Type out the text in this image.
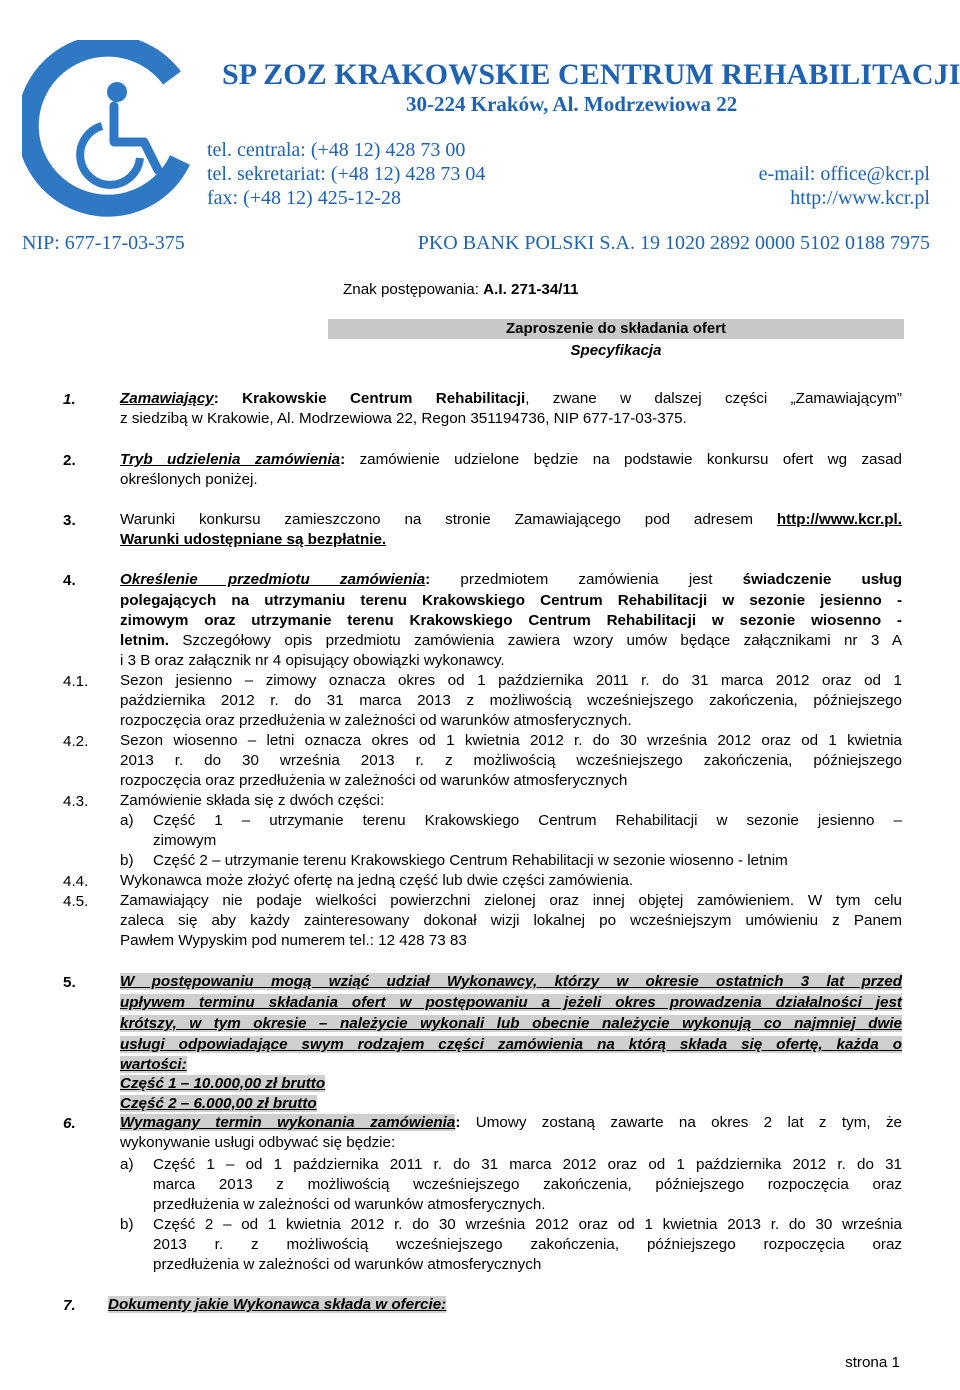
SP ZOZ KRAKOWSKIE CENTRUM REHABILITACJI
30-224 Kraków, Al. Modrzewiowa 22
tel. centrala: (+48 12) 428 73 00
tel. sekretariat: (+48 12) 428 73 04
fax: (+48 12) 425-12-28
e-mail: office@kcr.pl
http://www.kcr.pl
NIP: 677-17-03-375	PKO BANK POLSKI S.A. 19 1020 2892 0000 5102 0188 7975
Znak postępowania: A.I. 271-34/11
Zaproszenie do składania ofert
Specyfikacja
1.	Zamawiający: Krakowskie Centrum Rehabilitacji, zwane w dalszej części „Zamawiającym”
z siedzibą w Krakowie, Al. Modrzewiowa 22, Regon 351194736, NIP 677-17-03-375.
2.	Tryb udzielenia zamówienia: zamówienie udzielone będzie na podstawie konkursu ofert wg zasad
określonych poniżej.
3.	Warunki konkursu zamieszczono na stronie Zamawiającego pod adresem http://www.kcr.pl.
Warunki udostępniane są bezpłatnie.
4.	Określenie przedmiotu zamówienia: przedmiotem zamówienia jest świadczenie usług
polegających na utrzymaniu terenu Krakowskiego Centrum Rehabilitacji w sezonie jesienno -
zimowym oraz utrzymanie terenu Krakowskiego Centrum Rehabilitacji w sezonie wiosenno -
letnim. Szczegółowy opis przedmiotu zamówienia zawiera wzory umów będące załącznikami nr 3 A
i 3 B oraz załącznik nr 4 opisujący obowiązki wykonawcy.
4.1. Sezon jesienno – zimowy oznacza okres od 1 października 2011 r. do 31 marca 2012 oraz od 1
października 2012 r. do 31 marca 2013 z możliwością wcześniejszego zakończenia, późniejszego
rozpoczęcia oraz przedłużenia w zależności od warunków atmosferycznych.
4.2. Sezon wiosenno – letni oznacza okres od 1 kwietnia 2012 r. do 30 września 2012 oraz od 1 kwietnia
2013 r. do 30 września 2013 r. z możliwością wcześniejszego zakończenia, późniejszego
rozpoczęcia oraz przedłużenia w zależności od warunków atmosferycznych
4.3. Zamówienie składa się z dwóch części:
a) Część 1 – utrzymanie terenu Krakowskiego Centrum Rehabilitacji w sezonie jesienno –
zimowym
b) Część 2 – utrzymanie terenu Krakowskiego Centrum Rehabilitacji w sezonie wiosenno - letnim
4.4. Wykonawca może złożyć ofertę na jedną część lub dwie części zamówienia.
4.5. Zamawiający nie podaje wielkości powierzchni zielonej oraz innej objętej zamówieniem. W tym celu
zaleca się aby każdy zainteresowany dokonał wizji lokalnej po wcześniejszym umówieniu z Panem
Pawłem Wypyskim pod numerem tel.: 12 428 73 83
5.	W postępowaniu mogą wziąć udział Wykonawcy, którzy w okresie ostatnich 3 lat przed
upływem terminu składania ofert w postępowaniu a jeżeli okres prowadzenia działalności jest
krótszy, w tym okresie – należycie wykonali lub obecnie należycie wykonują co najmniej dwie
usługi odpowiadające swym rodzajem części zamówienia na którą składa się ofertę, każda o
wartości:
Część 1 – 10.000,00 zł brutto
Część 2 – 6.000,00 zł brutto
6.	Wymagany termin wykonania zamówienia: Umowy zostaną zawarte na okres 2 lat z tym, że
wykonywanie usługi odbywać się będzie:
a) Część 1 – od 1 października 2011 r. do 31 marca 2012 oraz od 1 października 2012 r. do 31
marca 2013 z możliwością wcześniejszego zakończenia, późniejszego rozpoczęcia oraz
przedłużenia w zależności od warunków atmosferycznych.
b) Część 2 – od 1 kwietnia 2012 r. do 30 września 2012 oraz od 1 kwietnia 2013 r. do 30 września
2013 r. z możliwością wcześniejszego zakończenia, późniejszego rozpoczęcia oraz
przedłużenia w zależności od warunków atmosferycznych
7. Dokumenty jakie Wykonawca składa w ofercie:
strona 1
